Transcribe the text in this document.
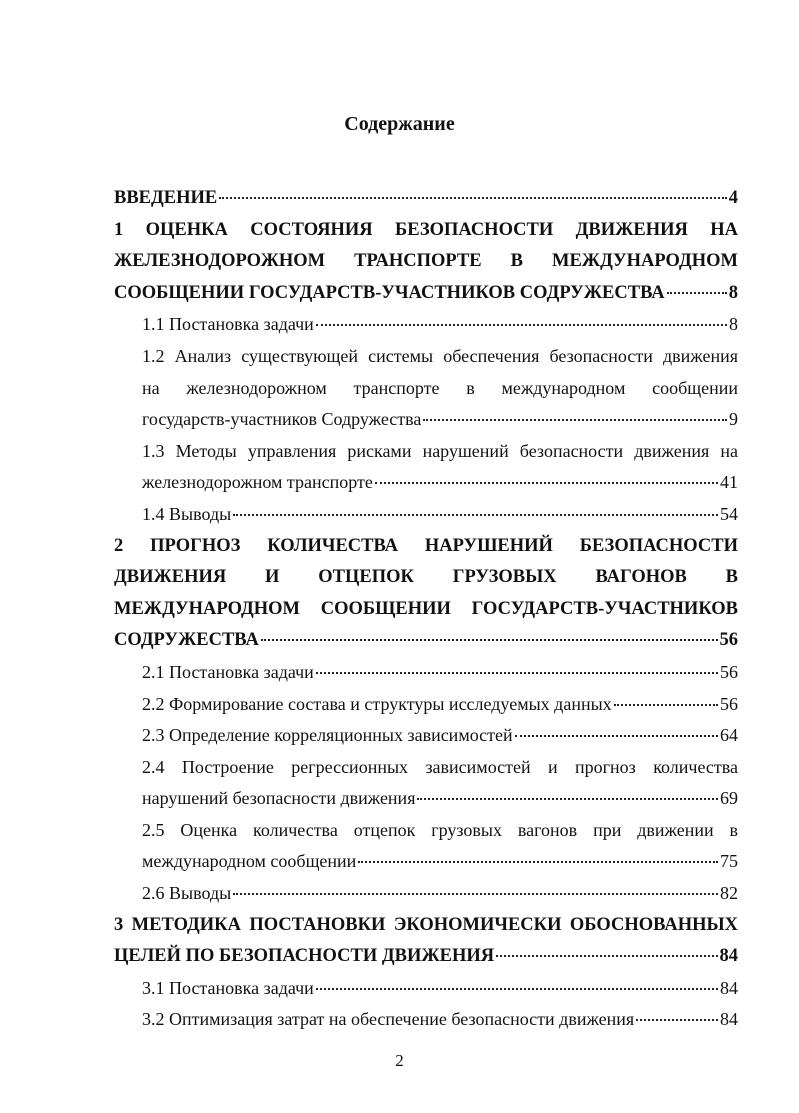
Содержание
ВВЕДЕНИЕ	4
1 ОЦЕНКА СОСТОЯНИЯ БЕЗОПАСНОСТИ ДВИЖЕНИЯ НА
ЖЕЛЕЗНОДОРОЖНОМ ТРАНСПОРТЕ В МЕЖДУНАРОДНОМ
СООБЩЕНИИ ГОСУДАРСТВ-УЧАСТНИКОВ СОДРУЖЕСТВА	8
1.1 Постановка задачи	8
1.2 Анализ существующей системы обеспечения безопасности движения
на железнодорожном транспорте в международном сообщении
государств-участников Содружества	9
1.3 Методы управления рисками нарушений безопасности движения на
железнодорожном транспорте	41
1.4 Выводы	54
2 ПРОГНОЗ КОЛИЧЕСТВА НАРУШЕНИЙ БЕЗОПАСНОСТИ
ДВИЖЕНИЯ И ОТЦЕПОК ГРУЗОВЫХ ВАГОНОВ В
МЕЖДУНАРОДНОМ СООБЩЕНИИ ГОСУДАРСТВ-УЧАСТНИКОВ
СОДРУЖЕСТВА	56
2.1 Постановка задачи	56
2.2 Формирование состава и структуры исследуемых данных	56
2.3 Определение корреляционных зависимостей	64
2.4 Построение регрессионных зависимостей и прогноз количества
нарушений безопасности движения	69
2.5 Оценка количества отцепок грузовых вагонов при движении в
международном сообщении	75
2.6 Выводы	82
3 МЕТОДИКА ПОСТАНОВКИ ЭКОНОМИЧЕСКИ ОБОСНОВАННЫХ
ЦЕЛЕЙ ПО БЕЗОПАСНОСТИ ДВИЖЕНИЯ	84
3.1 Постановка задачи	84
3.2 Оптимизация затрат на обеспечение безопасности движения	84
2
